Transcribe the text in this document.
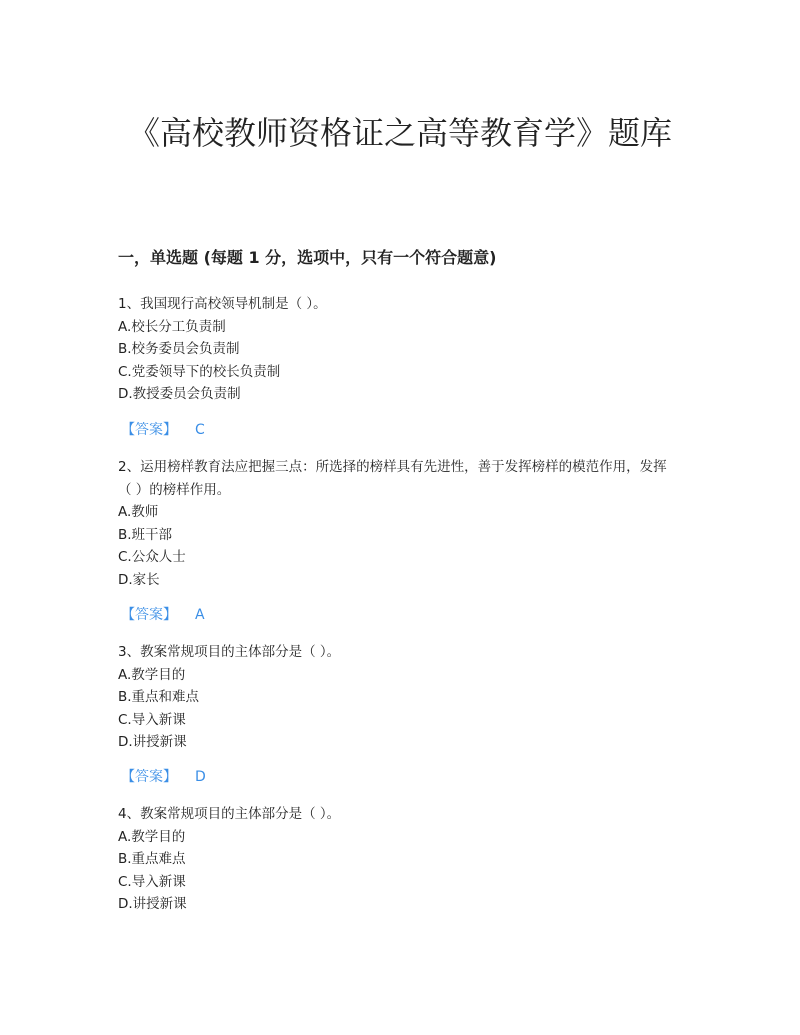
《高校教师资格证之高等教育学》题库
一，单选题 (每题 1 分，选项中，只有一个符合题意)

1、我国现行高校领导机制是（ ）。

A.校长分工负责制

B.校务委员会负责制

C.党委领导下的校长负责制

D.教授委员会负责制

【答案】 C

2、运用榜样教育法应把握三点：所选择的榜样具有先进性，善于发挥榜样的模范作用，发挥（ ）的榜样作用。

A.教师

B.班干部

C.公众人士

D.家长

【答案】 A

3、教案常规项目的主体部分是（ ）。

A.教学目的

B.重点和难点

C.导入新课

D.讲授新课

【答案】 D

4、教案常规项目的主体部分是（ ）。

A.教学目的

B.重点难点

C.导入新课

D.讲授新课
